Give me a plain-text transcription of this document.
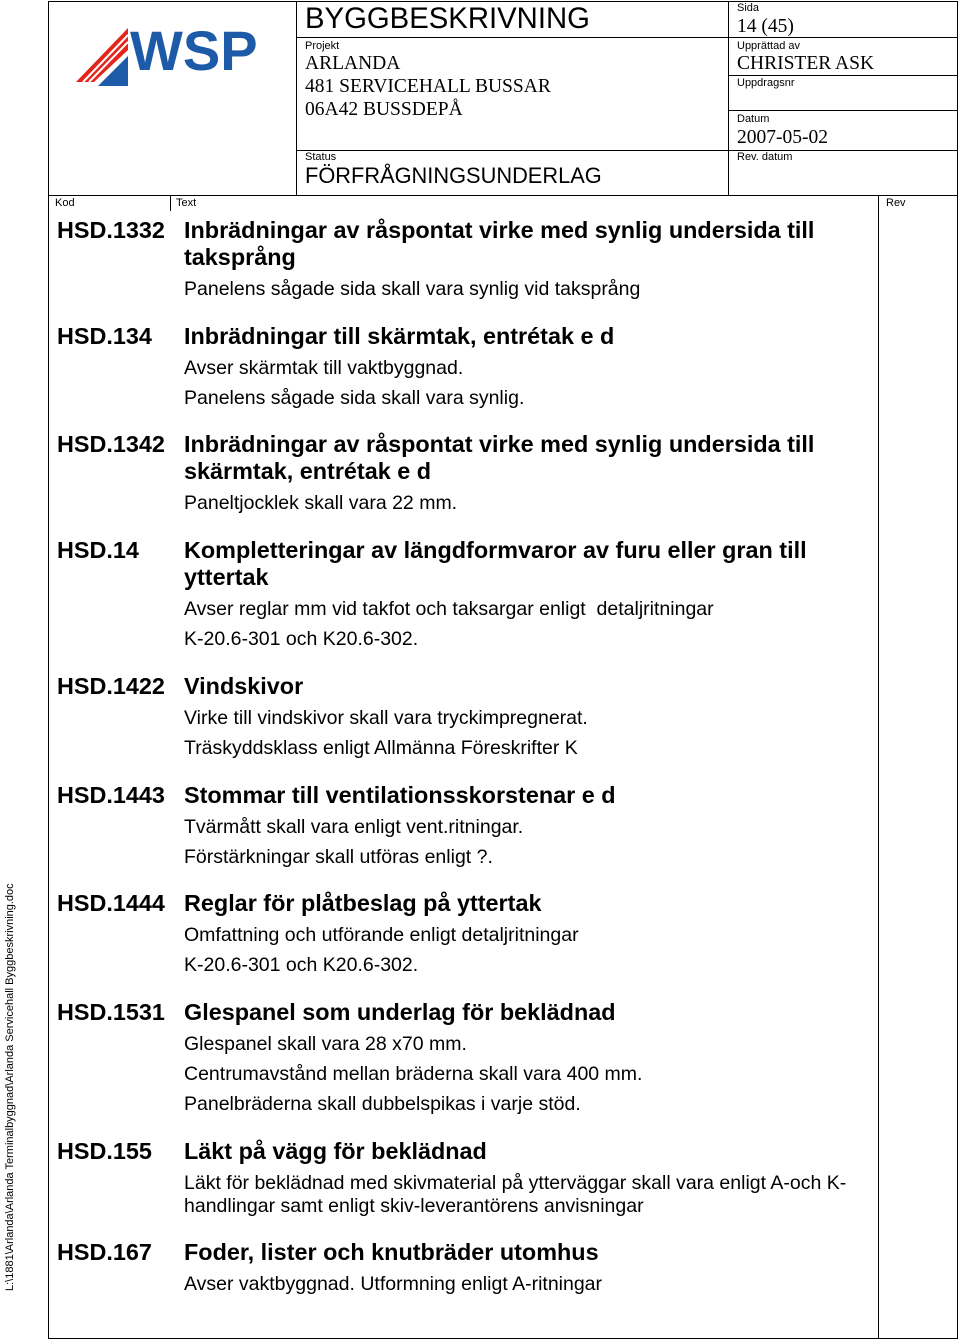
WSP
BYGGBESKRIVNING
Projekt
ARLANDA
481 SERVICEHALL BUSSAR
06A42 BUSSDEPÅ
Status
FÖRFRÅGNINGSUNDERLAG
Sida
14 (45)
Upprättad av
CHRISTER ASK
Uppdragsnr
Datum
2007-05-02
Rev. datum
Kod	Text	Rev
HSD.1332 Inbrädningar av råspontat virke med synlig undersida till
taksprång

Panelens sågade sida skall vara synlig vid taksprång

HSD.134 Inbrädningar till skärmtak, entrétak e d

Avser skärmtak till vaktbyggnad.

Panelens sågade sida skall vara synlig.

HSD.1342 Inbrädningar av råspontat virke med synlig undersida till
skärmtak, entrétak e d

Paneltjocklek skall vara 22 mm.

HSD.14 Kompletteringar av längdformvaror av furu eller gran till
yttertak

Avser reglar mm vid takfot och taksargar enligt  detaljritningar

K-20.6-301 och K20.6-302.

HSD.1422 Vindskivor

Virke till vindskivor skall vara tryckimpregnerat.

Träskyddsklass enligt Allmänna Föreskrifter K

HSD.1443 Stommar till ventilationsskorstenar e d

Tvärmått skall vara enligt vent.ritningar.

Förstärkningar skall utföras enligt ?.

HSD.1444 Reglar för plåtbeslag på yttertak

Omfattning och utförande enligt detaljritningar

K-20.6-301 och K20.6-302.

HSD.1531 Glespanel som underlag för beklädnad

Glespanel skall vara 28 x70 mm.

Centrumavstånd mellan bräderna skall vara 400 mm.

Panelbräderna skall dubbelspikas i varje stöd.

HSD.155 Läkt på vägg för beklädnad

Läkt för beklädnad med skivmaterial på ytterväggar skall vara enligt A-och K-
handlingar samt enligt skiv-leverantörens anvisningar

HSD.167 Foder, lister och knutbräder utomhus

Avser vaktbyggnad. Utformning enligt A-ritningar

L:\1881\Arlanda\Arlanda Terminalbyggnad\Arlanda Servicehall Byggbeskrivning.doc
